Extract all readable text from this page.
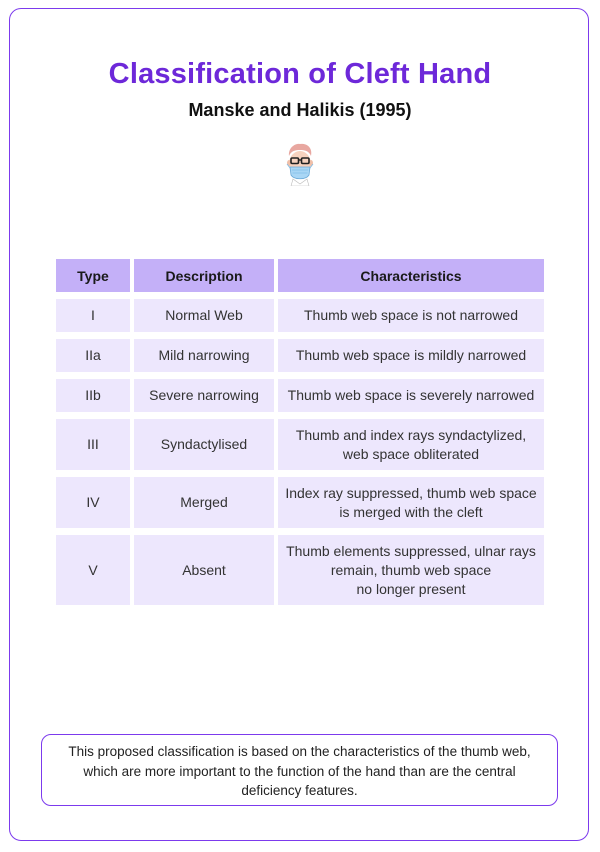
Classification of Cleft Hand
Manske and Halikis (1995)
Type	Description	Characteristics
I	Normal Web	Thumb web space is not narrowed
IIa	Mild narrowing	Thumb web space is mildly narrowed
IIb	Severe narrowing	Thumb web space is severely narrowed
III	Syndactylised	Thumb and index rays syndactylized,
web space obliterated
IV	Merged	Index ray suppressed, thumb web space
is merged with the cleft
V	Absent	Thumb elements suppressed, ulnar rays
remain, thumb web space
no longer present
This proposed classification is based on the characteristics of the thumb web, which are more important to the function of the hand than are the central deficiency features.
